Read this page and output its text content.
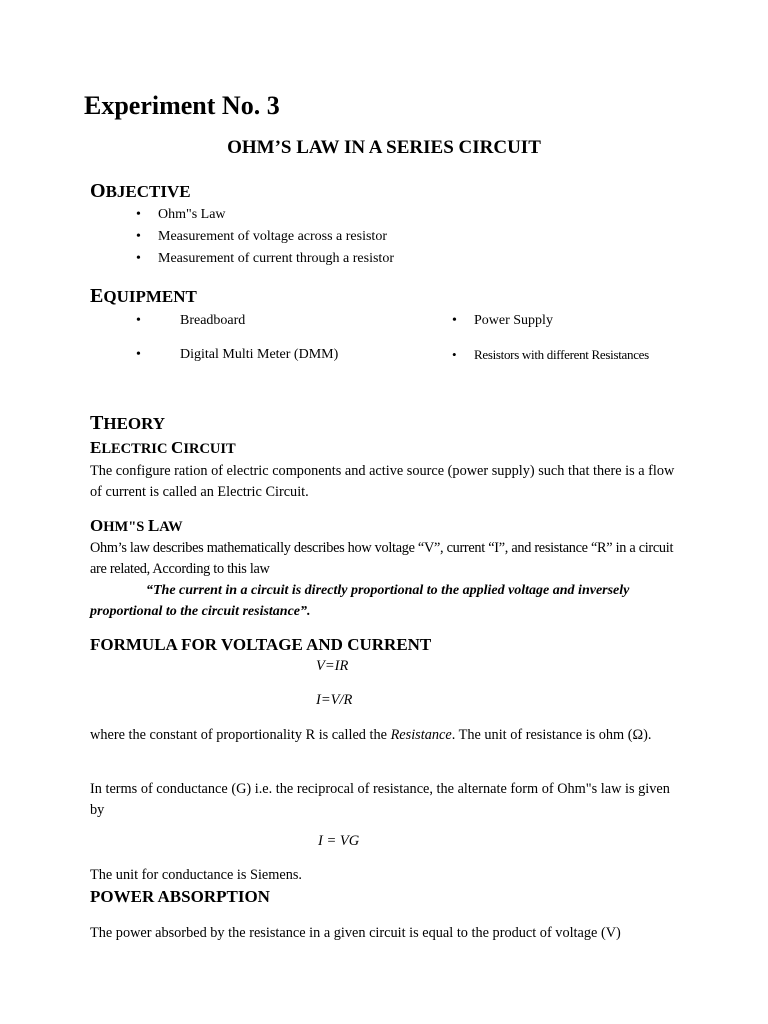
Experiment No. 3
OHM’S LAW IN A SERIES CIRCUIT
OBJECTIVE
• Ohm"s Law
• Measurement of voltage across a resistor
• Measurement of current through a resistor
EQUIPMENT
•	Breadboard
•	Digital Multi Meter (DMM)
• Power Supply
• Resistors with different Resistances
THEORY
ELECTRIC CIRCUIT
The configure ration of electric components and active source (power supply) such that there is a flow of current is called an Electric Circuit.
OHM"S LAW
Ohm’s law describes mathematically describes how voltage “V”, current “I”, and resistance “R” in a circuit are related, According to this law
“The current in a circuit is directly proportional to the applied voltage and inversely proportional to the circuit resistance”.
FORMULA FOR VOLTAGE AND CURRENT
V=IR
I=V/R
where the constant of proportionality R is called the Resistance. The unit of resistance is ohm (Ω).
In terms of conductance (G) i.e. the reciprocal of resistance, the alternate form of Ohm"s law is given by
I = VG
The unit for conductance is Siemens.
POWER ABSORPTION
The power absorbed by the resistance in a given circuit is equal to the product of voltage (V)
